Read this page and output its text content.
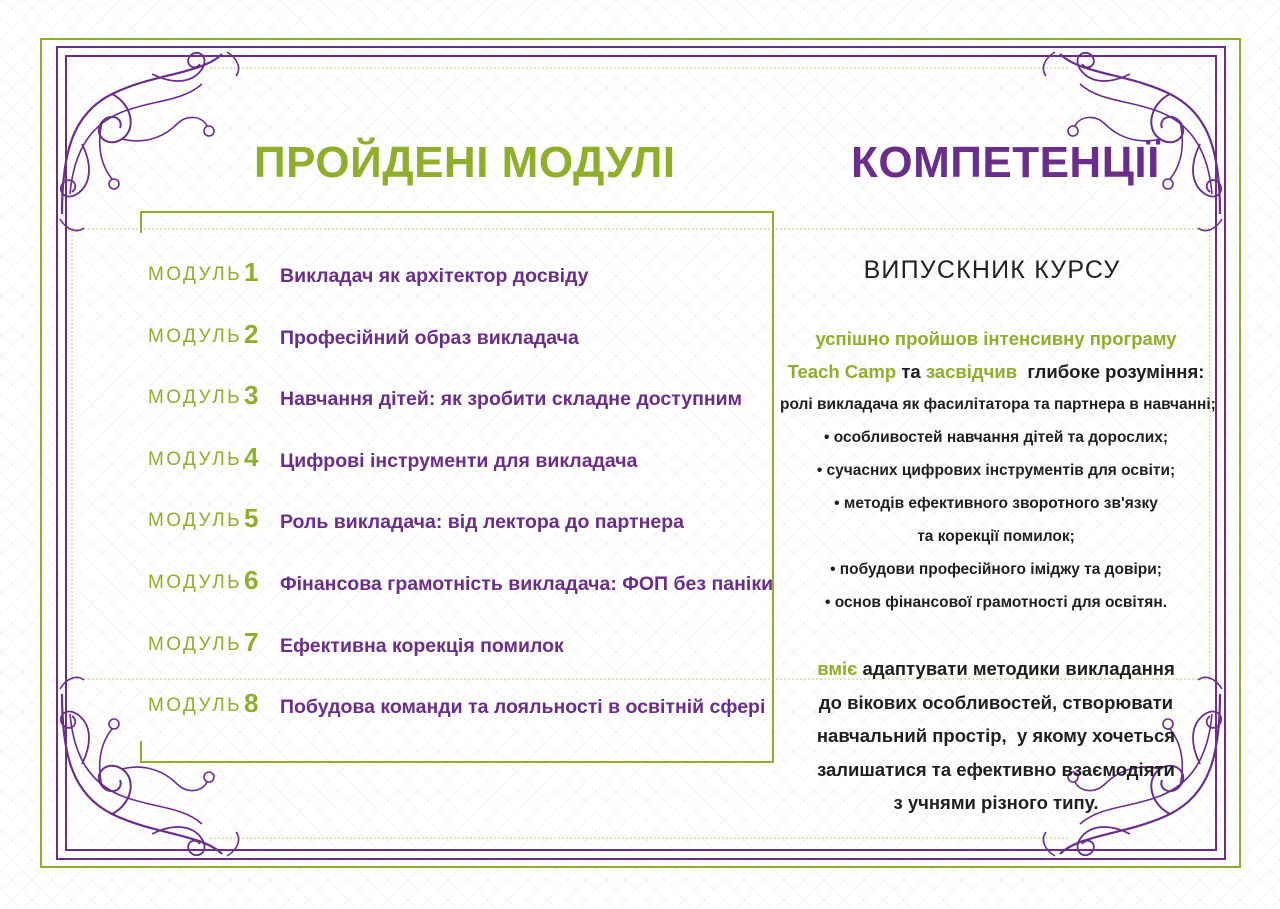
ПРОЙДЕНІ МОДУЛІ	КОМПЕТЕНЦІЇ
МОДУЛЬ 1	Викладач як архітектор досвіду
МОДУЛЬ 2	Професійний образ викладача
МОДУЛЬ 3	Навчання дітей: як зробити складне доступним
МОДУЛЬ 4	Цифрові інструменти для викладача
МОДУЛЬ 5	Роль викладача: від лектора до партнера
МОДУЛЬ 6	Фінансова грамотність викладача: ФОП без паніки
МОДУЛЬ 7	Ефективна корекція помилок
МОДУЛЬ 8	Побудова команди та лояльності в освітній сфері
ВИПУСКНИК КУРСУ

успішно пройшов інтенсивну програму
Teach Camp та засвідчив  глибоке розуміння:
ролі викладача як фасилітатора та партнера в навчанні;
• особливостей навчання дітей та дорослих;
• сучасних цифрових інструментів для освіти;
• методів ефективного зворотного зв'язку
та корекції помилок;
• побудови професійного іміджу та довіри;
• основ фінансової грамотності для освітян.

вміє адаптувати методики викладання
до вікових особливостей, створювати
навчальний простір,  у якому хочеться
залишатися та ефективно взаємодіяти
з учнями різного типу.
